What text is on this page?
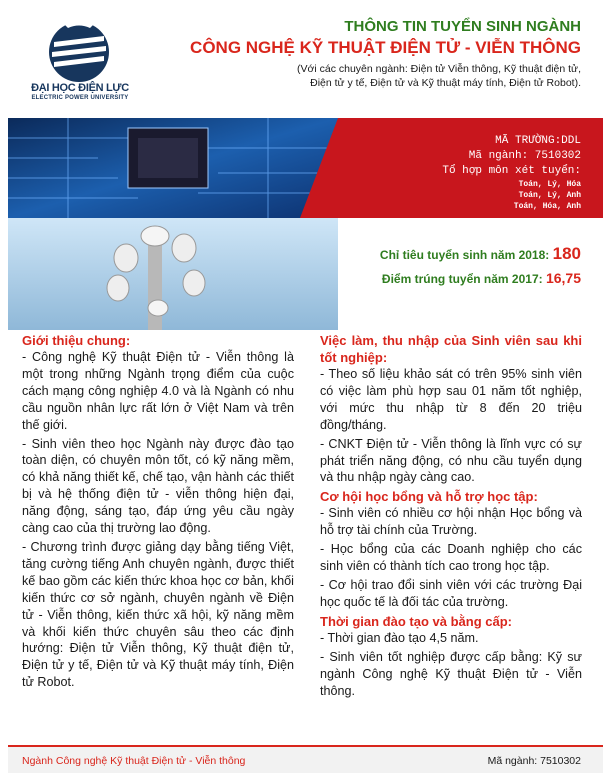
ĐẠI HỌC ĐIỆN LỰC
ELECTRIC POWER UNIVERSITY
THÔNG TIN TUYỂN SINH NGÀNH
CÔNG NGHỆ KỸ THUẬT ĐIỆN TỬ - VIỄN THÔNG
(Với các chuyên ngành: Điện tử Viễn thông, Kỹ thuật điện tử,
Điện tử y tế, Điện tử và Kỹ thuật máy tính, Điện tử Robot).
MÃ TRƯỜNG:DDL
Mã ngành: 7510302
Tổ hợp môn xét tuyển:
Toán, Lý, Hóa
Toán, Lý, Anh
Toán, Hóa, Anh
Chỉ tiêu tuyển sinh năm 2018: 180
Điểm trúng tuyển năm 2017: 16,75
Giới thiệu chung:

- Công nghệ Kỹ thuật Điện tử - Viễn thông là một trong những Ngành trọng điểm của cuộc cách mạng công nghiệp 4.0 và là Ngành có nhu cầu nguồn nhân lực rất lớn ở Việt Nam và trên thế giới.

- Sinh viên theo học Ngành này được đào tạo toàn diện, có chuyên môn tốt, có kỹ năng mềm, có khả năng thiết kế, chế tạo, vận hành các thiết bị và hệ thống điện tử - viễn thông hiện đại, năng động, sáng tạo, đáp ứng yêu cầu ngày càng cao của thị trường lao động.

- Chương trình được giảng dạy bằng tiếng Việt, tăng cường tiếng Anh chuyên ngành, được thiết kế bao gồm các kiến thức khoa học cơ bản, khối kiến thức cơ sở ngành, chuyên ngành về Điện tử - Viễn thông, kiến thức xã hội, kỹ năng mềm và khối kiến thức chuyên sâu theo các định hướng: Điện tử Viễn thông, Kỹ thuật điện tử, Điện tử y tế, Điện tử và Kỹ thuật máy tính, Điện tử Robot.

Việc làm, thu nhập của Sinh viên sau khi tốt nghiệp:

- Theo số liệu khảo sát có trên 95% sinh viên có việc làm phù hợp sau 01 năm tốt nghiệp, với mức thu nhập từ 8 đến 20 triệu đồng/tháng.

- CNKT Điện tử - Viễn thông là lĩnh vực có sự phát triển năng động, có nhu cầu tuyển dụng và thu nhập ngày càng cao.

Cơ hội học bổng và hỗ trợ học tập:

- Sinh viên có nhiều cơ hội nhận Học bổng và hỗ trợ tài chính của Trường.

- Học bổng của các Doanh nghiệp cho các sinh viên có thành tích cao trong học tập.

- Cơ hội trao đổi sinh viên với các trường Đại học quốc tế là đối tác của trường.

Thời gian đào tạo và bằng cấp:

- Thời gian đào tạo 4,5 năm.

- Sinh viên tốt nghiệp được cấp bằng: Kỹ sư ngành Công nghệ Kỹ thuật Điện tử - Viễn thông.

Ngành Công nghệ Kỹ thuật Điện tử - Viễn thông	Mã ngành: 7510302
